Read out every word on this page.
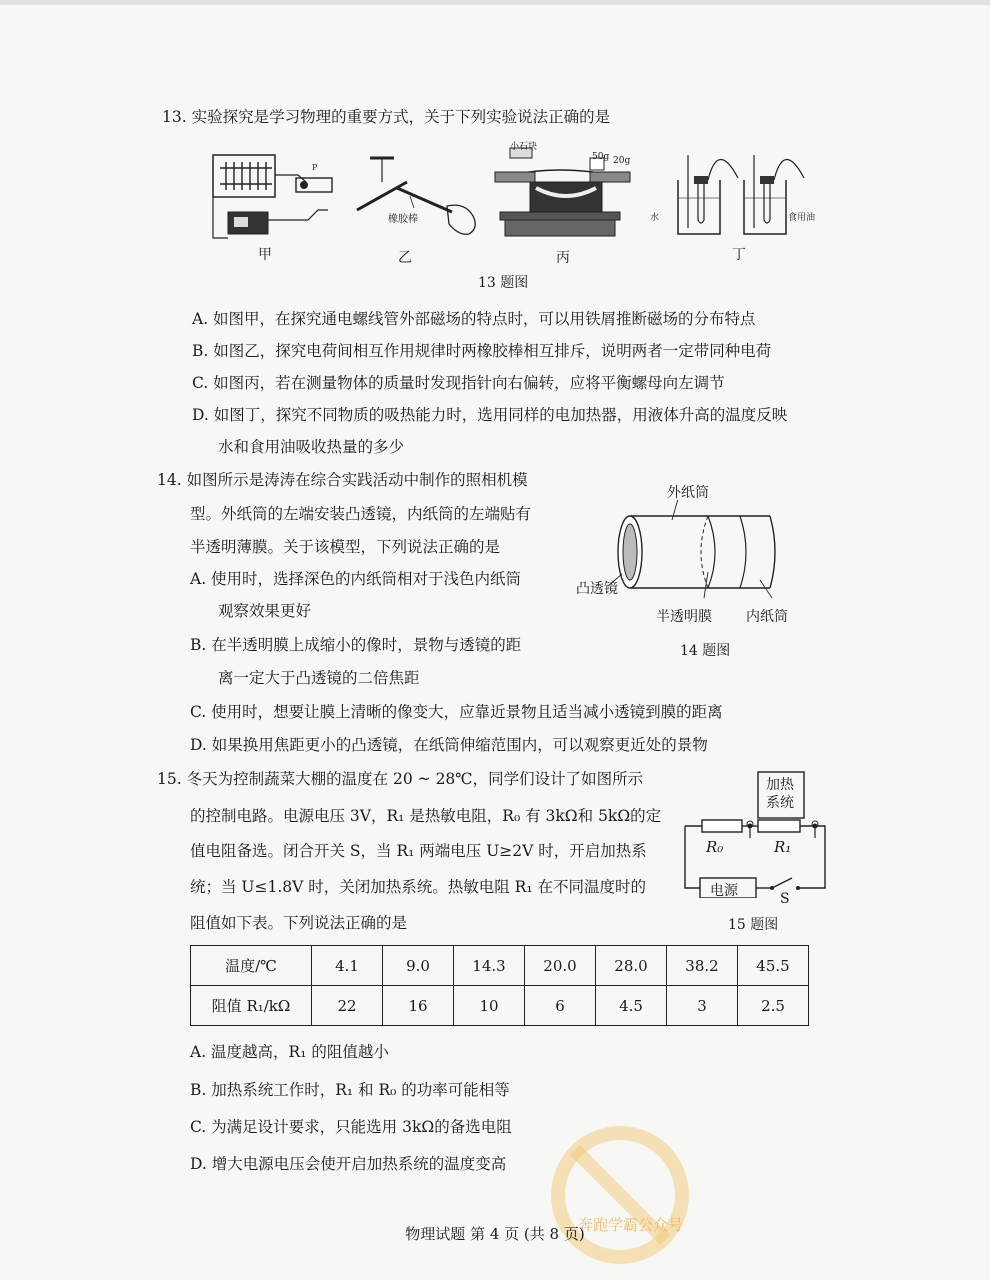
13. 实验探究是学习物理的重要方式，关于下列实验说法正确的是
P
甲
橡胶棒
乙
小石块
50g 20g
丙
水	食用油
丁
13 题图
A. 如图甲，在探究通电螺线管外部磁场的特点时，可以用铁屑推断磁场的分布特点
B. 如图乙，探究电荷间相互作用规律时两橡胶棒相互排斥，说明两者一定带同种电荷
C. 如图丙，若在测量物体的质量时发现指针向右偏转，应将平衡螺母向左调节
D. 如图丁，探究不同物质的吸热能力时，选用同样的电加热器，用液体升高的温度反映
水和食用油吸收热量的多少
14. 如图所示是涛涛在综合实践活动中制作的照相机模
型。外纸筒的左端安装凸透镜，内纸筒的左端贴有
半透明薄膜。关于该模型，下列说法正确的是
A. 使用时，选择深色的内纸筒相对于浅色内纸筒
观察效果更好
B. 在半透明膜上成缩小的像时，景物与透镜的距
离一定大于凸透镜的二倍焦距
C. 使用时，想要让膜上清晰的像变大，应靠近景物且适当减小透镜到膜的距离
D. 如果换用焦距更小的凸透镜，在纸筒伸缩范围内，可以观察更近处的景物
外纸筒
凸透镜
半透明膜 内纸筒
14 题图
15. 冬天为控制蔬菜大棚的温度在 20 ~ 28℃，同学们设计了如图所示
的控制电路。电源电压 3V，R₁ 是热敏电阻，R₀ 有 3kΩ和 5kΩ的定
值电阻备选。闭合开关 S，当 R₁ 两端电压 U≥2V 时，开启加热系
统；当 U≤1.8V 时，关闭加热系统。热敏电阻 R₁ 在不同温度时的
阻值如下表。下列说法正确的是
加热
系统
R₀	R₁
电源	S
15 题图
温度/℃	4.1	9.0	14.3	20.0	28.0	38.2	45.5
阻值 R₁/kΩ	22	16	10	6	4.5	3	2.5
A. 温度越高，R₁ 的阻值越小
B. 加热系统工作时，R₁ 和 R₀ 的功率可能相等
C. 为满足设计要求，只能选用 3kΩ的备选电阻
D. 增大电源电压会使开启加热系统的温度变高
奔跑学霸公众号
物理试题 第 4 页 (共 8 页)
